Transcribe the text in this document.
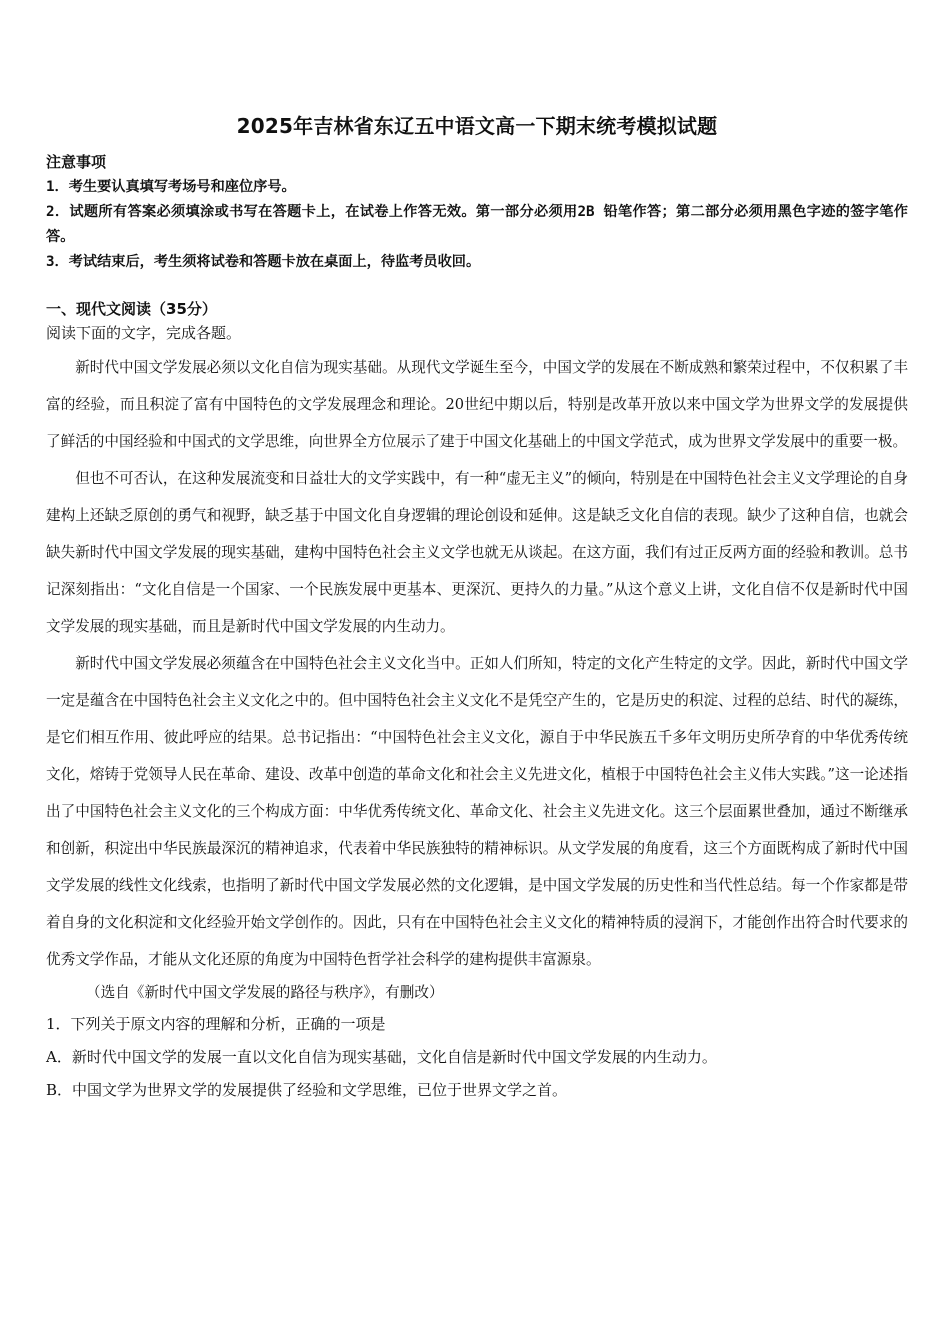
2025年吉林省东辽五中语文高一下期末统考模拟试题
注意事项
1．考生要认真填写考场号和座位序号。
2．试题所有答案必须填涂或书写在答题卡上，在试卷上作答无效。第一部分必须用2B 铅笔作答；第二部分必须用黑色字迹的签字笔作答。
3．考试结束后，考生须将试卷和答题卡放在桌面上，待监考员收回。
一、现代文阅读（35分）
阅读下面的文字，完成各题。

新时代中国文学发展必须以文化自信为现实基础。从现代文学诞生至今，中国文学的发展在不断成熟和繁荣过程中，不仅积累了丰富的经验，而且积淀了富有中国特色的文学发展理念和理论。20世纪中期以后，特别是改革开放以来中国文学为世界文学的发展提供了鲜活的中国经验和中国式的文学思维，向世界全方位展示了建于中国文化基础上的中国文学范式，成为世界文学发展中的重要一极。

但也不可否认，在这种发展流变和日益壮大的文学实践中，有一种“虚无主义”的倾向，特别是在中国特色社会主义文学理论的自身建构上还缺乏原创的勇气和视野，缺乏基于中国文化自身逻辑的理论创设和延伸。这是缺乏文化自信的表现。缺少了这种自信，也就会缺失新时代中国文学发展的现实基础，建构中国特色社会主义文学也就无从谈起。在这方面，我们有过正反两方面的经验和教训。总书记深刻指出：“文化自信是一个国家、一个民族发展中更基本、更深沉、更持久的力量。”从这个意义上讲，文化自信不仅是新时代中国文学发展的现实基础，而且是新时代中国文学发展的内生动力。

新时代中国文学发展必须蕴含在中国特色社会主义文化当中。正如人们所知，特定的文化产生特定的文学。因此，新时代中国文学一定是蕴含在中国特色社会主义文化之中的。但中国特色社会主义文化不是凭空产生的，它是历史的积淀、过程的总结、时代的凝练，是它们相互作用、彼此呼应的结果。总书记指出：“中国特色社会主义文化，源自于中华民族五千多年文明历史所孕育的中华优秀传统文化，熔铸于党领导人民在革命、建设、改革中创造的革命文化和社会主义先进文化，植根于中国特色社会主义伟大实践。”这一论述指出了中国特色社会主义文化的三个构成方面：中华优秀传统文化、革命文化、社会主义先进文化。这三个层面累世叠加，通过不断继承和创新，积淀出中华民族最深沉的精神追求，代表着中华民族独特的精神标识。从文学发展的角度看，这三个方面既构成了新时代中国文学发展的线性文化线索，也指明了新时代中国文学发展必然的文化逻辑，是中国文学发展的历史性和当代性总结。每一个作家都是带着自身的文化积淀和文化经验开始文学创作的。因此，只有在中国特色社会主义文化的精神特质的浸润下，才能创作出符合时代要求的优秀文学作品，才能从文化还原的角度为中国特色哲学社会科学的建构提供丰富源泉。

（选自《新时代中国文学发展的路径与秩序》，有删改）
1．下列关于原文内容的理解和分析，正确的一项是
A．新时代中国文学的发展一直以文化自信为现实基础，文化自信是新时代中国文学发展的内生动力。
B．中国文学为世界文学的发展提供了经验和文学思维，已位于世界文学之首。
